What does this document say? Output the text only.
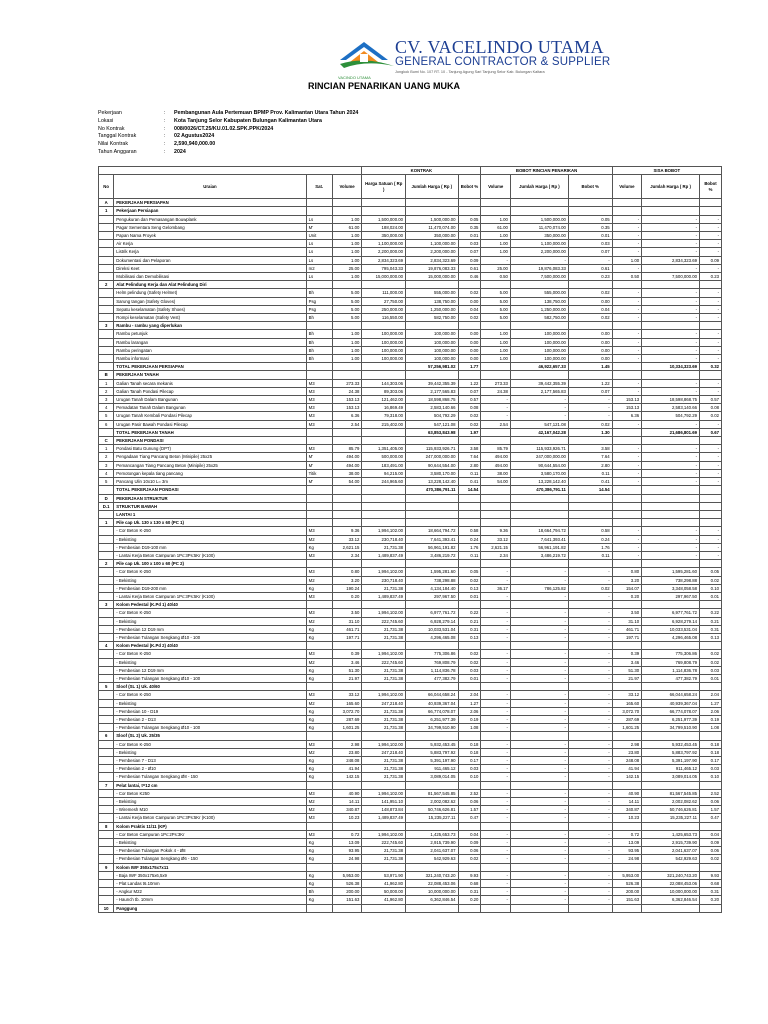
VACINDO UTAMA
CV. VACELINDO UTAMA
GENERAL CONTRACTOR & SUPPLIER
Jongkok Bumi No. 107 RT. 10 - Tanjung Agung Sari Tanjung Selor Kab. Bulungan Kaltara
RINCIAN PENARIKAN UANG MUKA
Pekerjaan	:	Pembangunan Aula Pertemuan BPMP Prov. Kalimantan Utara Tahun 2024
Lokasi	:	Kota Tanjung Selor Kabupaten Bulungan Kalimantan Utara
No Kontrak	:	008/0026/CT.25/KU.01.02.SPK.PPK/2024
Tanggal Kontrak	:	02 Agustus2024
Nilai Kontrak	:	2,590,940,000.00
Tahun Anggaran	:	2024
				KONTRAK			BOBOT RINCIAN PENARIKAN			SISA BOBOT		
No	Uraian	Sat.	Volume	Harga Satuan ( Rp )	Jumlah Harga ( Rp )	Bobot %	Volume	Jumlah Harga ( Rp )	Bobot %	Volume	Jumlah Harga ( Rp )	Bobot %
A	PEKERJAAN PERSIAPAN											
1	Pekerjaan Persiapan											
	Pengukuran dan Pemasangan Bouwplank	Ls	1.00	1,500,000.00	1,500,000.00	0.05	1.00	1,500,000.00	0.05	-	-	-
	Pagar Sementara Seng Gelombang	M'	61.00	188,024.00	11,470,074.00	0.35	61.00	11,470,074.00	0.35	-	-	-
	Papan Nama Proyek	Unit	1.00	350,000.00	350,000.00	0.01	1.00	350,000.00	0.01	-	-	-
	Air Kerja	Ls	1.00	1,100,000.00	1,100,000.00	0.03	1.00	1,100,000.00	0.03	-	-	-
	Listrik Kerja	Ls	1.00	2,200,000.00	2,200,000.00	0.07	1.00	2,200,000.00	0.07	-	-	-
	Dokumentasi dan Pelaporan	Ls	1.00	2,834,323.69	2,834,323.69	0.09	-	-	-	1.00	2,834,323.69	0.09
	Direksi Keet	m2	25.00	795,043.33	19,876,083.33	0.61	25.00	19,876,083.33	0.61	-	-	-
	Mobilisasi dan Demobilisasi	Ls	1.00	15,000,000.00	15,000,000.00	0.46	0.50	7,500,000.00	0.23	0.50	7,500,000.00	0.23
2	Alat Pelindung Kerja dan Alat Pelindung Diri											
	Helm pelindung (Safety Helmet)	Bh	5.00	111,000.00	555,000.00	0.02	5.00	555,000.00	0.02	-	-	-
	Sarung tangan (Safety Gloves)	Psg	5.00	27,750.00	138,750.00	0.00	5.00	138,750.00	0.00	-	-	-
	Sepatu keselamatan (Safety Shoes)	Psg	5.00	250,000.00	1,250,000.00	0.04	5.00	1,250,000.00	0.04	-	-	-
	Rompi keselamatan (Safety Vest)	Bh	5.00	116,550.00	582,750.00	0.02	5.00	582,750.00	0.02	-	-	-
3	Rambu - rambu yang diperlukan											
	Rambu petunjuk	Bh	1.00	100,000.00	100,000.00	0.00	1.00	100,000.00	0.00	-	-	-
	Rambu larangan	Bh	1.00	100,000.00	100,000.00	0.00	1.00	100,000.00	0.00	-	-	-
	Rambu peringatan	Bh	1.00	100,000.00	100,000.00	0.00	1.00	100,000.00	0.00	-	-	-
	Rambu informasi	Bh	1.00	100,000.00	100,000.00	0.00	1.00	100,000.00	0.00	-	-	-
	TOTAL PEKERJAAN PERSIAPAN				57,256,981.02	1.77		46,922,657.33	1.45		10,334,323.69	0.32
B	PEKERJAAN TANAH											
1	Galian Tanah secara mekanis	M3	273.33	144,303.06	39,442,355.39	1.22	273.33	39,442,355.39	1.22	-	-	-
2	Galian Tanah Pondasi Pilecap	M3	24.38	89,303.06	2,177,565.83	0.07	24.38	2,177,565.83	0.07	-	-	-
3	Urugan Tanah Dalam Bangunan	M3	153.13	121,462.00	18,598,868.75	0.57	-	-	-	153.13	18,598,868.75	0.57
4	Pemadatan Tanah Dalam Bangunan	M3	153.13	16,869.49	2,583,140.66	0.08	-	-	-	153.13	2,583,140.66	0.08
5	Urugan Tanah Kembali Pondasi Pilecap	M3	6.36	79,318.00	504,792.29	0.02	-	-	-	6.36	504,792.29	0.02
6	Urugan Pasir Bawah Pondasi Pilecap	M3	2.54	215,402.00	547,121.08	0.02	2.54	547,121.08	0.02	-	-	-
	TOTAL PEKERJAAN TANAH				63,853,843.98	1.97		42,167,042.28	1.30		21,686,801.69	0.67
C	PEKERJAAN PONDASI											
1	Pondasi Batu Gunung (DPT)	M3	85.79	1,351,405.00	115,933,926.71	3.58	85.79	115,933,926.71	3.58	-	-	-
2	Pengadaan Tiang Pancang Beton (Minipile) 25x25	M'	494.00	500,000.00	247,000,000.00	7.64	494.00	247,000,000.00	7.64	-	-	-
3	Pemancangan Tiang Pancang Beton (Minipile) 25x25	M'	494.00	183,491.00	90,644,554.00	2.80	494.00	90,644,554.00	2.80	-	-	-
4	Pemotongan kepala tiang pancang	Titik	38.00	94,215.00	3,580,170.00	0.11	38.00	3,580,170.00	0.11	-	-	-
5	Pancang Ulin 10x10 L= 3m	M'	54.00	244,965.60	13,228,142.40	0.41	54.00	13,228,142.40	0.41	-	-	-
	TOTAL PEKERJAAN PONDASI				470,386,791.11	14.54		470,386,791.11	14.54			
D	PEKERJAAN STRUKTUR											
D.1	STRUKTUR BAWAH											
	LANTAI 1											
1	Pile cap Uk. 130 x 130 x 60 (PC 1)											
	- Cor Beton K-250	M3	9.36	1,994,102.00	18,664,794.72	0.58	9.36	18,664,794.72	0.58	-	-	-
	- Bekisting	M2	33.12	230,718.40	7,641,393.41	0.24	33.12	7,641,393.41	0.24	-	-	-
	- Pembesian D19-100 mm	Kg	2,621.15	21,731.38	56,961,191.82	1.76	2,621.15	56,961,191.82	1.76	-	-	-
	- Lantai Kerja Beton Campuran 1Pc:3Ps:5Kr (K100)	M3	2.34	1,489,837.49	3,486,219.72	0.11	2.34	3,486,219.72	0.11	-	-	-
2	Pile cap Uk. 100 x 100 x 60 (PC 2)											
	- Cor Beton K-250	M3	0.80	1,994,102.00	1,595,281.60	0.05	-	-	-	0.80	1,595,281.60	0.05
	- Bekisting	M2	3.20	230,718.40	738,298.88	0.02	-	-	-	3.20	738,298.88	0.02
	- Pembesian D19-200 mm	Kg	190.24	21,731.38	4,134,184.40	0.13	36.17	786,125.82	0.02	154.07	3,348,058.58	0.10
	- Lantai Kerja Beton Campuran 1Pc:3Ps:5Kr (K100)	M3	0.20	1,489,837.49	297,967.50	0.01	-	-	-	0.20	297,967.50	0.01
3	Kolom Pedestal (K.Pd 1) 40/40											
	- Cor Beton K-250	M3	3.50	1,994,102.00	6,977,761.72	0.22	-	-	-	3.50	6,977,761.72	0.22
	- Bekisting	M2	31.10	222,745.60	6,928,279.14	0.21	-	-	-	31.10	6,928,279.14	0.21
	- Pembesian 12 D19 mm	Kg	461.71	21,731.38	10,033,531.04	0.31	-	-	-	461.71	10,033,531.04	0.31
	- Pembesian Tulangan Sengkang Ø10 - 100	Kg	197.71	21,731.38	4,296,465.08	0.13	-	-	-	197.71	4,296,465.08	0.13
4	Kolom Pedestal (K.Pd 2) 40/40											
	- Cor Beton K-250	M3	0.39	1,994,102.00	775,306.86	0.02	-	-	-	0.39	775,306.86	0.02
	- Bekisting	M2	3.46	222,745.60	769,808.79	0.02	-	-	-	3.46	769,808.79	0.02
	- Pembesian 12 D19 mm	Kg	51.30	21,731.38	1,114,836.78	0.03	-	-	-	51.30	1,114,836.78	0.03
	- Pembesian Tulangan Sengkang Ø10 - 100	Kg	21.97	21,731.38	477,382.79	0.01	-	-	-	21.97	477,382.79	0.01
5	Sloof (SL 1) Uk. 40/60											
	- Cor Beton K-250	M3	33.12	1,994,102.00	66,044,658.24	2.04	-	-	-	33.12	66,044,658.24	2.04
	- Bekisting	M2	165.60	247,218.40	40,939,367.04	1.27	-	-	-	165.60	40,939,367.04	1.27
	- Pembesian 10 - D19	Kg	3,072.70	21,731.38	66,774,078.07	2.06	-	-	-	3,072.70	66,774,078.07	2.06
	- Pembesian 2 - D13	Kg	287.69	21,731.38	6,251,977.39	0.19	-	-	-	287.69	6,251,977.39	0.19
	- Pembesian Tulangan Sengkang Ø10 - 100	Kg	1,601.25	21,731.38	34,799,510.90	1.08	-	-	-	1,601.25	34,799,510.90	1.08
6	Sloof (SL 2) Uk. 25/35											
	- Cor Beton K-250	M3	2.98	1,994,102.00	5,932,453.45	0.18	-	-	-	2.98	5,932,453.45	0.18
	- Bekisting	M2	23.80	247,218.40	5,883,797.92	0.18	-	-	-	23.80	5,883,797.92	0.18
	- Pembesian 7 - D13	Kg	248.08	21,731.38	5,391,197.90	0.17	-	-	-	248.08	5,391,197.90	0.17
	- Pembesian 2 - Ø10	Kg	41.94	21,731.38	911,465.12	0.03	-	-	-	41.94	911,465.12	0.03
	- Pembesian Tulangan Sengkang Ø8 - 150	Kg	142.15	21,731.38	3,089,014.05	0.10	-	-	-	142.15	3,089,014.05	0.10
7	Pelat lantai, t=12 cm											
	- Cor Beton K250	M3	40.90	1,994,102.00	81,567,545.85	2.52	-	-	-	40.90	81,567,545.85	2.52
	- Bekisting	M2	14.11	141,951.10	2,002,082.62	0.06	-	-	-	14.11	2,002,082.62	0.06
	- Wiremesh M10	M2	340.87	148,873.84	50,746,626.81	1.57	-	-	-	340.87	50,746,626.81	1.57
	- Lantai Kerja Beton Campuran 1Pc:3Ps:5Kr (K100)	M3	10.23	1,489,837.49	15,235,227.11	0.47	-	-	-	10.23	15,235,227.11	0.47
8	Kolom Praktis 11/11 (KP)											
	- Cor Beton Campuran 1Pc:2Ps:3Kr	M3	0.72	1,994,102.00	1,425,653.73	0.04	-	-	-	0.72	1,425,653.73	0.04
	- Bekisting	Kg	13.09	222,745.60	2,915,739.90	0.09	-	-	-	13.09	2,915,739.90	0.09
	- Pembesian Tulangan Pokok 4 - Ø8	Kg	93.95	21,731.38	2,041,637.07	0.06	-	-	-	93.95	2,041,637.07	0.06
	- Pembesian Tulangan Sengkang Ø6 - 150	Kg	24.98	21,731.38	542,929.63	0.02	-	-	-	24.98	542,929.63	0.02
9	Kolom IWF 350x175x7x11											
	- Baja IWF 350x175x6,5x9	Kg	5,953.00	53,971.90	321,240,743.20	9.93	-	-	-	5,953.00	321,240,743.20	9.93
	- Plat Landas t6.10mm	Kg	526.38	41,962.80	22,088,453.06	0.68	-	-	-	526.38	22,088,453.06	0.68
	- Angkur M22	Bh	200.00	50,000.00	10,000,000.00	0.31	-	-	-	200.00	10,000,000.00	0.31
	- Haunch tb. 10mm	Kg	151.63	41,962.80	6,362,846.54	0.20	-	-	-	151.63	6,362,846.54	0.20
10	Panggung											
